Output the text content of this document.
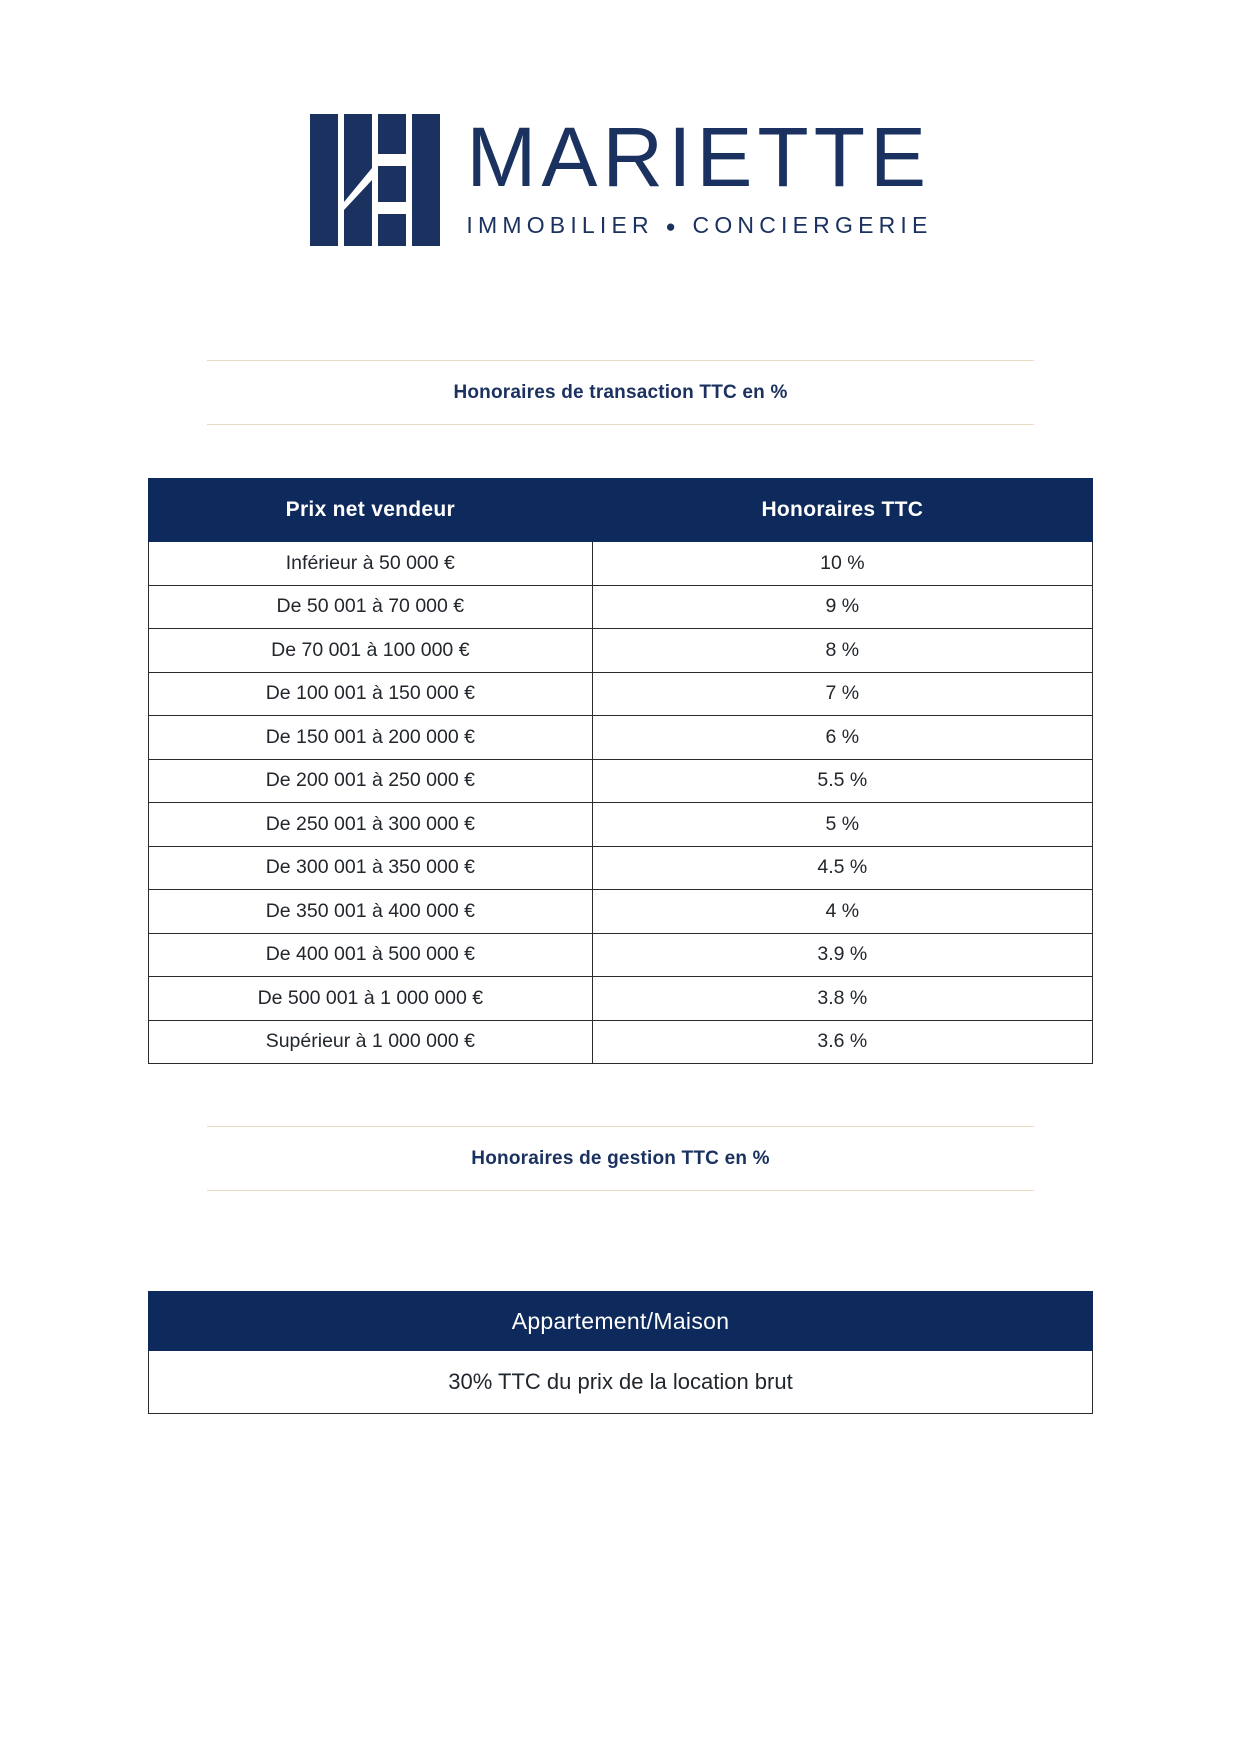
MARIETTE
IMMOBILIER ● CONCIERGERIE
Honoraires de transaction TTC en %
Prix net vendeur	Honoraires TTC
Inférieur à 50 000 €	10 %
De 50 001 à 70 000 €	9 %
De 70 001 à 100 000 €	8 %
De 100 001 à 150 000 €	7 %
De 150 001 à 200 000 €	6 %
De 200 001 à 250 000 €	5.5 %
De 250 001 à 300 000 €	5 %
De 300 001 à 350 000 €	4.5 %
De 350 001 à 400 000 €	4 %
De 400 001 à 500 000 €	3.9 %
De 500 001 à 1 000 000 €	3.8 %
Supérieur à 1 000 000 €	3.6 %
Honoraires de gestion TTC en %
Appartement/Maison
30% TTC du prix de la location brut
